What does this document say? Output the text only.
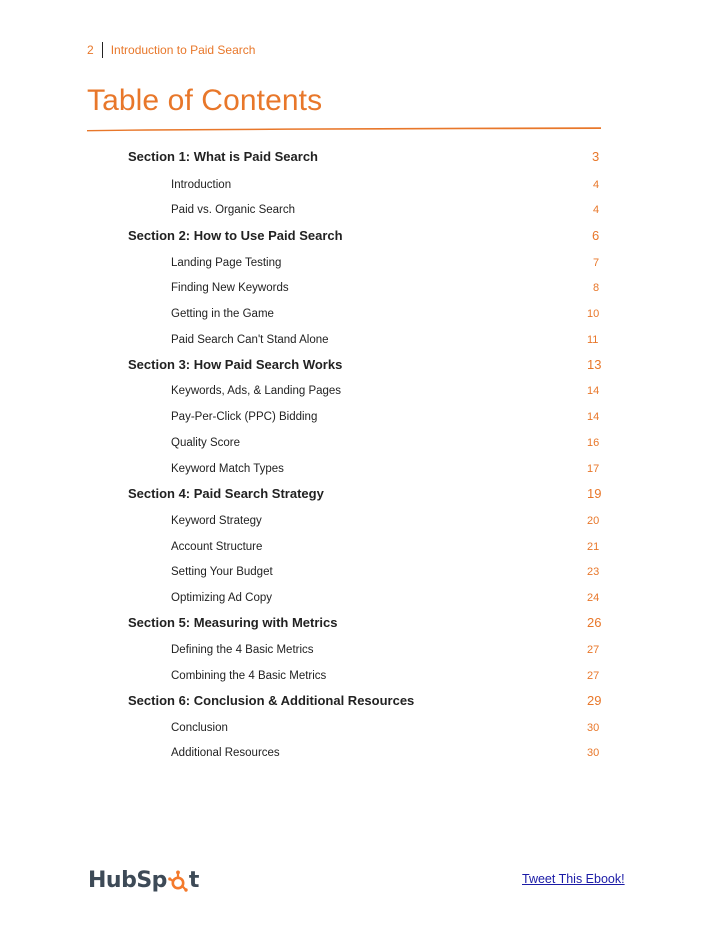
2 Introduction to Paid Search
Table of Contents
Section 1: What is Paid Search	3
Introduction	4
Paid vs. Organic Search	4
Section 2: How to Use Paid Search	6
Landing Page Testing	7
Finding New Keywords	8
Getting in the Game	10
Paid Search Can't Stand Alone	11
Section 3: How Paid Search Works	13
Keywords, Ads, & Landing Pages	14
Pay-Per-Click (PPC) Bidding	14
Quality Score	16
Keyword Match Types	17
Section 4: Paid Search Strategy	19
Keyword Strategy	20
Account Structure	21
Setting Your Budget	23
Optimizing Ad Copy	24
Section 5: Measuring with Metrics	26
Defining the 4 Basic Metrics	27
Combining the 4 Basic Metrics	27
Section 6: Conclusion & Additional Resources	29
Conclusion	30
Additional Resources	30
HubSp t	Tweet This Ebook!
